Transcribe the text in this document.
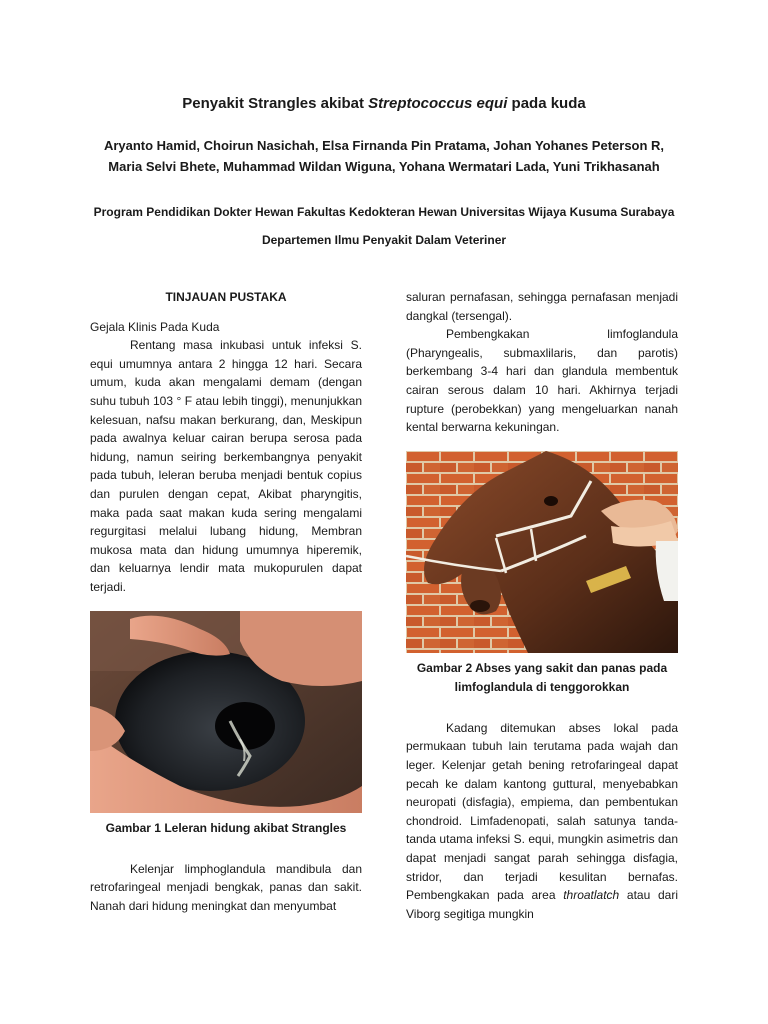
Penyakit Strangles akibat Streptococcus equi pada kuda
Aryanto Hamid, Choirun Nasichah, Elsa Firnanda Pin Pratama, Johan Yohanes Peterson R,
Maria Selvi Bhete, Muhammad Wildan Wiguna, Yohana Wermatari Lada, Yuni Trikhasanah
Program Pendidikan Dokter Hewan Fakultas Kedokteran Hewan Universitas Wijaya Kusuma Surabaya
Departemen Ilmu Penyakit Dalam Veteriner
TINJAUAN PUSTAKA
Gejala Klinis Pada Kuda

Rentang masa inkubasi untuk infeksi S. equi umumnya antara 2 hingga 12 hari. Secara umum, kuda akan mengalami demam (dengan suhu tubuh 103 ° F atau lebih tinggi), menunjukkan kelesuan, nafsu makan berkurang, dan, Meskipun pada awalnya keluar cairan berupa serosa pada hidung, namun seiring berkembangnya penyakit pada tubuh, leleran beruba menjadi bentuk copius dan purulen dengan cepat, Akibat pharyngitis, maka pada saat makan kuda sering mengalami regurgitasi melalui lubang hidung, Membran mukosa mata dan hidung umumnya hiperemik, dan keluarnya lendir mata mukopurulen dapat terjadi.

Gambar 1 Leleran hidung akibat Strangles

Kelenjar limphoglandula mandibula dan retrofaringeal menjadi bengkak, panas dan sakit. Nanah dari hidung meningkat dan menyumbat

saluran pernafasan, sehingga pernafasan menjadi dangkal (tersengal).

Pembengkakan limfoglandula (Pharyngealis, submaxlilaris, dan parotis) berkembang 3-4 hari dan glandula membentuk cairan serous dalam 10 hari. Akhirnya terjadi rupture (perobekkan) yang mengeluarkan nanah kental berwarna kekuningan.

Gambar 2 Abses yang sakit dan panas pada limfoglandula di tenggorokkan

Kadang ditemukan abses lokal pada permukaan tubuh lain terutama pada wajah dan leger. Kelenjar getah bening retrofaringeal dapat pecah ke dalam kantong guttural, menyebabkan neuropati (disfagia), empiema, dan pembentukan chondroid. Limfadenopati, salah satunya tanda-tanda utama infeksi S. equi, mungkin asimetris dan dapat menjadi sangat parah sehingga disfagia, stridor, dan terjadi kesulitan bernafas. Pembengkakan pada area throatlatch atau dari Viborg segitiga mungkin
